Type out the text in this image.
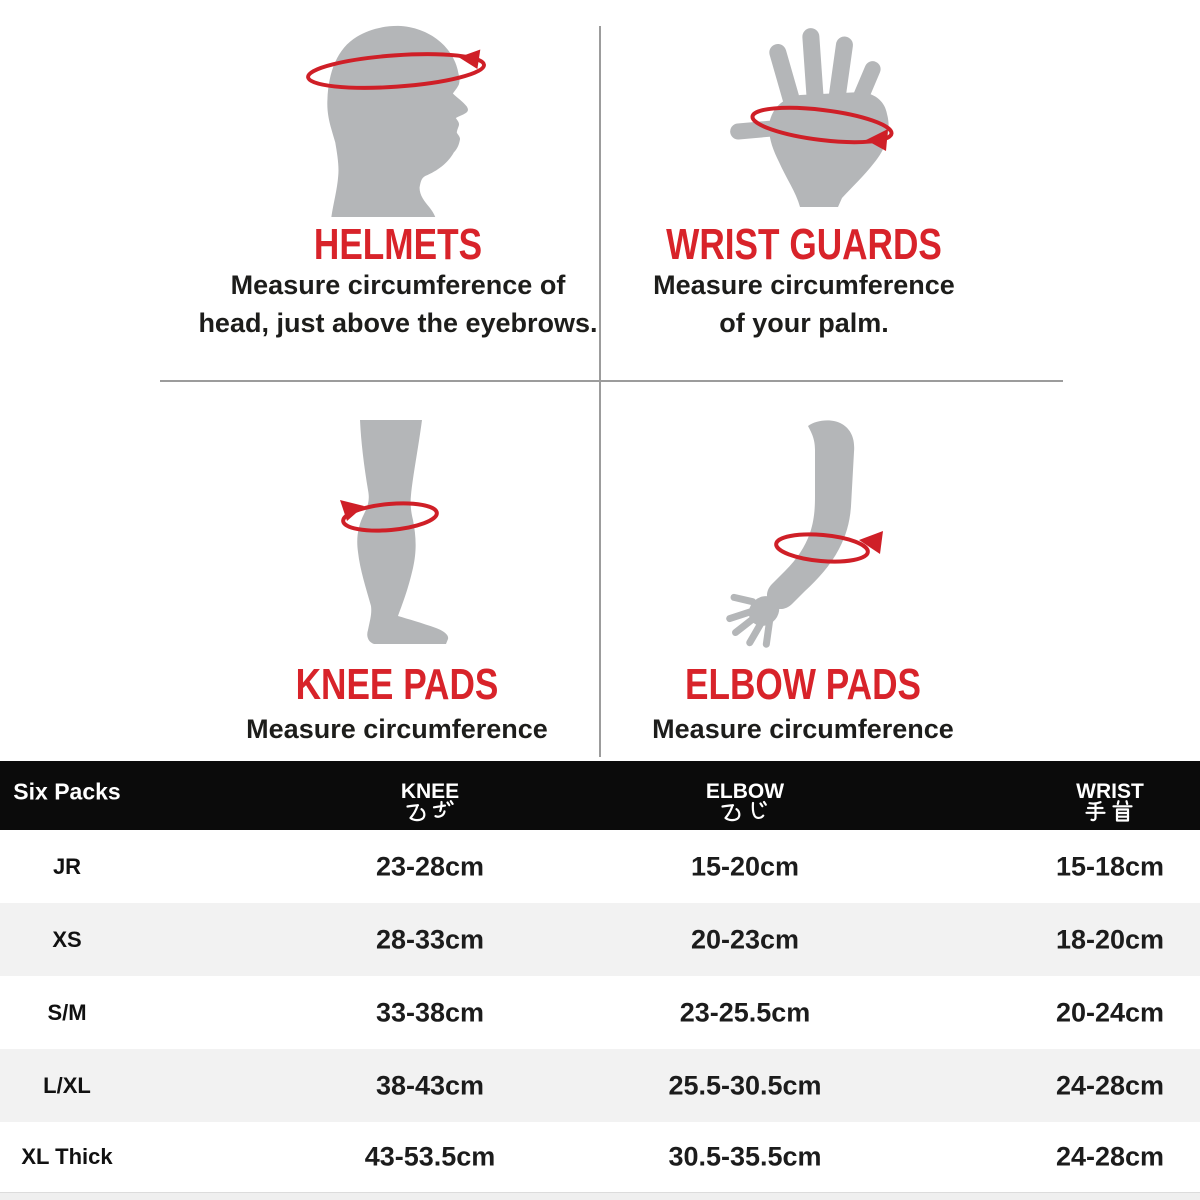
HELMETS

Measure circumference of
head, just above the eyebrows.

WRIST GUARDS

Measure circumference
of your palm.

KNEE PADS

Measure circumference

ELBOW PADS

Measure circumference

Six Packs	KNEE	ELBOW	WRIST
JR	23-28cm	15-20cm	15-18cm
XS	28-33cm	20-23cm	18-20cm
S/M	33-38cm	23-25.5cm	20-24cm
L/XL	38-43cm	25.5-30.5cm	24-28cm
XL Thick	43-53.5cm	30.5-35.5cm	24-28cm
